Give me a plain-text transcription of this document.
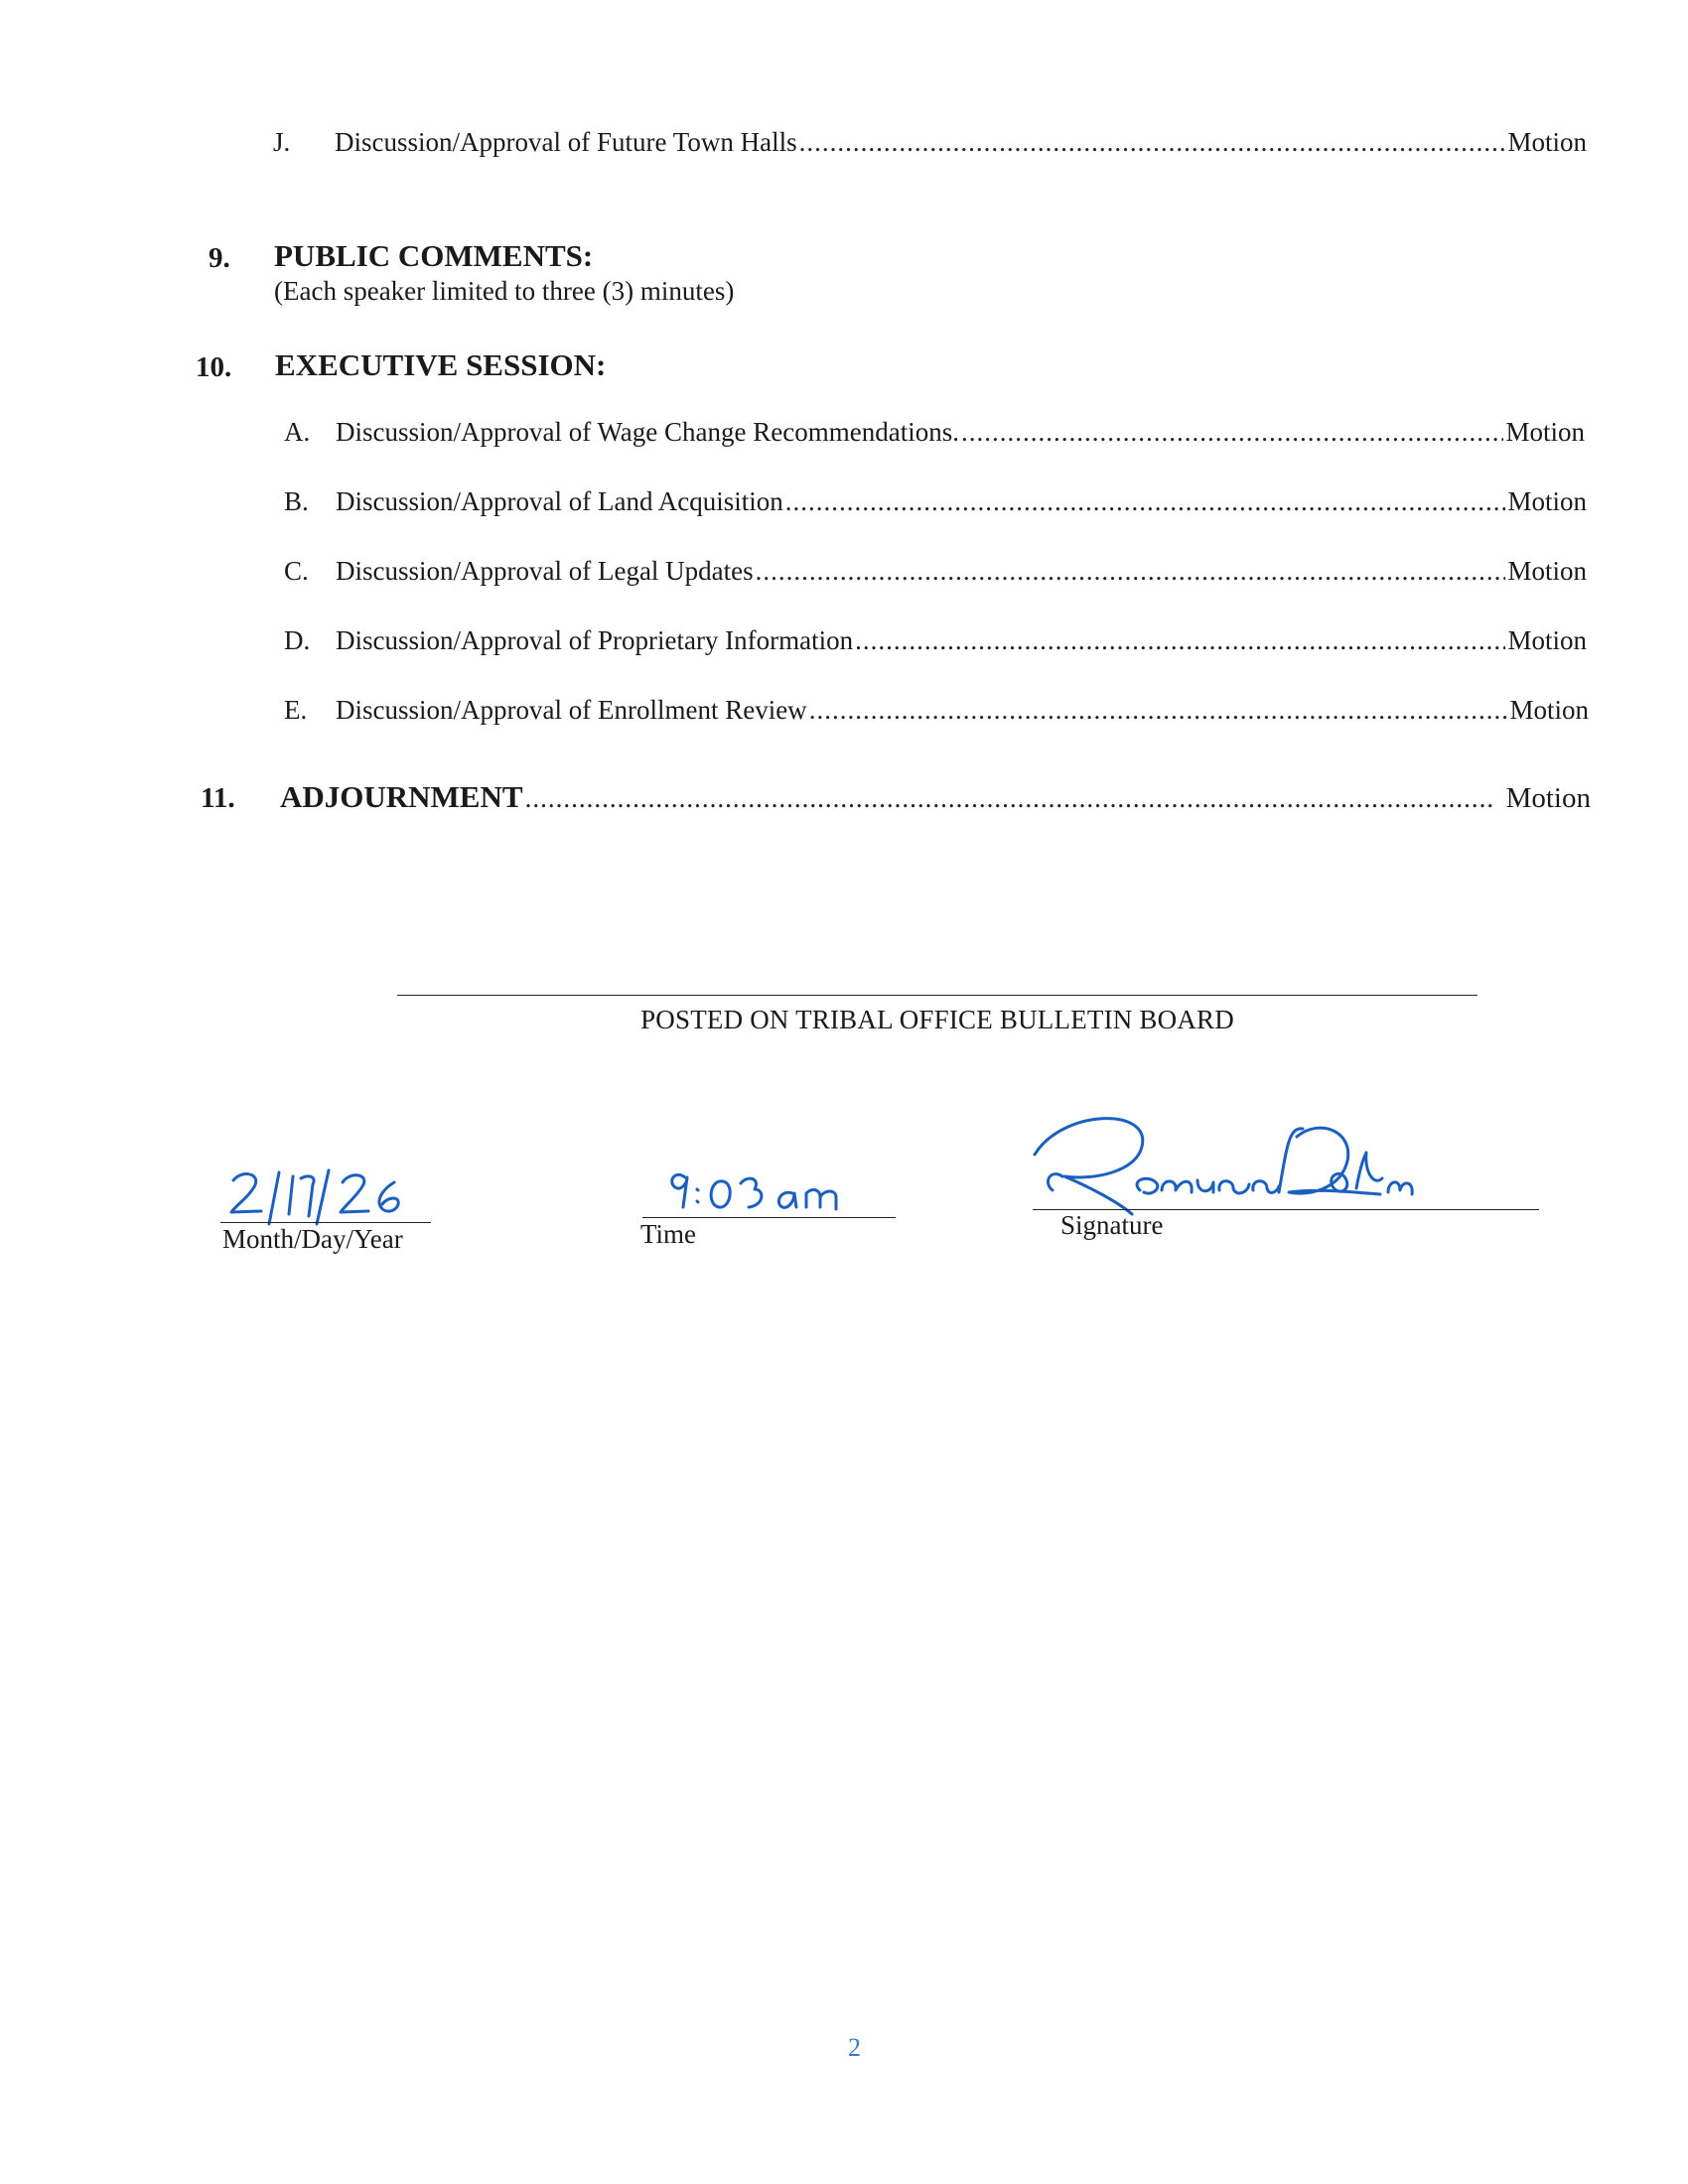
J.	Discussion/Approval of Future Town Halls .....	Motion
9. PUBLIC COMMENTS:
(Each speaker limited to three (3) minutes)
10. EXECUTIVE SESSION:
A. Discussion/Approval of Wage Change Recommendations. .....	Motion
B.	Discussion/Approval of Land Acquisition .....	Motion
C.	Discussion/Approval of Legal Updates .....	Motion
D. Discussion/Approval of Proprietary Information .....	Motion
E.	Discussion/Approval of Enrollment Review .....	Motion
11.	ADJOURNMENT .....	Motion
POSTED ON TRIBAL OFFICE BULLETIN BOARD
Month/Day/Year	Time	Signature
2
